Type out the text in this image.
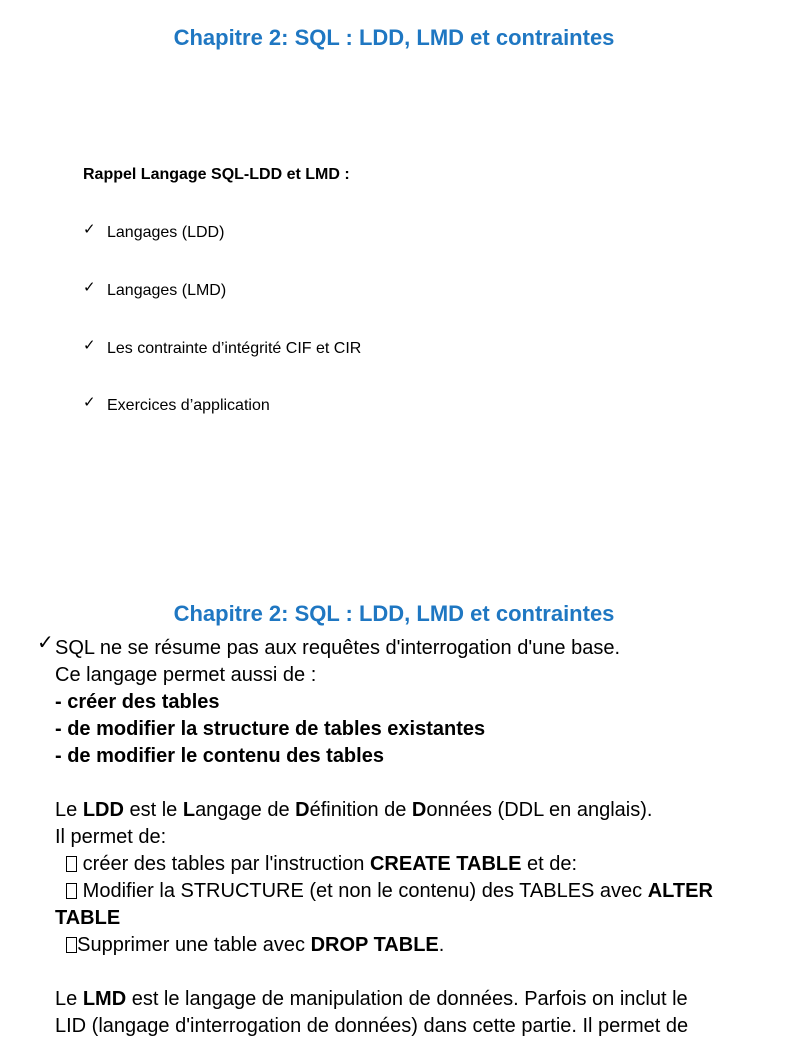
Chapitre 2: SQL : LDD, LMD et contraintes
Rappel Langage SQL-LDD et LMD :
✓ Langages (LDD)
✓ Langages (LMD)
✓ Les contrainte d’intégrité CIF et CIR
✓ Exercices d’application
Chapitre 2: SQL : LDD, LMD et contraintes
✓ SQL ne se résume pas aux requêtes d'interrogation d'une base.
Ce langage permet aussi de :
- créer des tables
- de modifier la structure de tables existantes
- de modifier le contenu des tables
Le LDD est le Langage de Définition de Données (DDL en anglais).
Il permet de:
créer des tables par l'instruction CREATE TABLE et de:
Modifier la STRUCTURE (et non le contenu) des TABLES avec ALTER
TABLE
Supprimer une table avec DROP TABLE.
Le LMD est le langage de manipulation de données. Parfois on inclut le
LID (langage d'interrogation de données) dans cette partie. Il permet de
